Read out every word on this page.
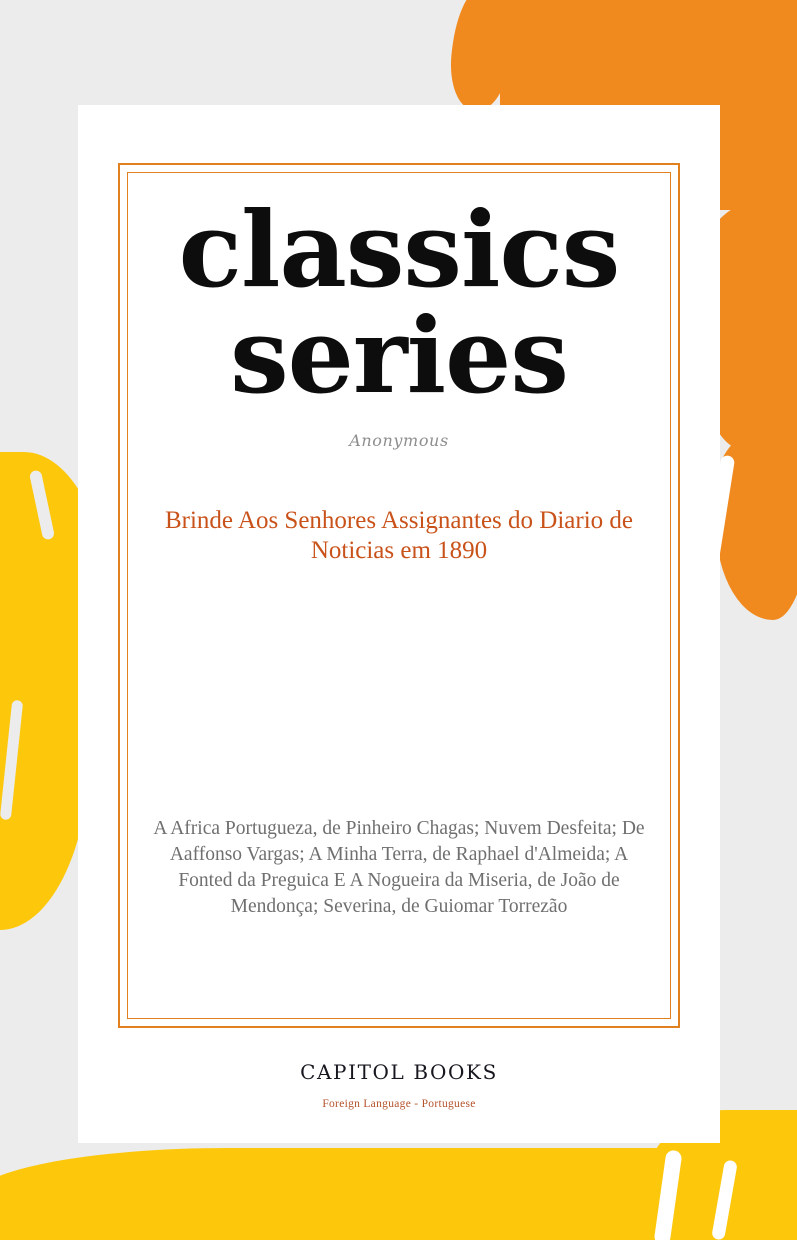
classics
series
Anonymous
Brinde Aos Senhores Assignantes do Diario de Noticias em 1890
A Africa Portugueza, de Pinheiro Chagas; Nuvem Desfeita; De Aaffonso Vargas; A Minha Terra, de Raphael d'Almeida; A Fonted da Preguica E A Nogueira da Miseria, de João de Mendonça; Severina, de Guiomar Torrezão
CAPITOL BOOKS
Foreign Language - Portuguese
